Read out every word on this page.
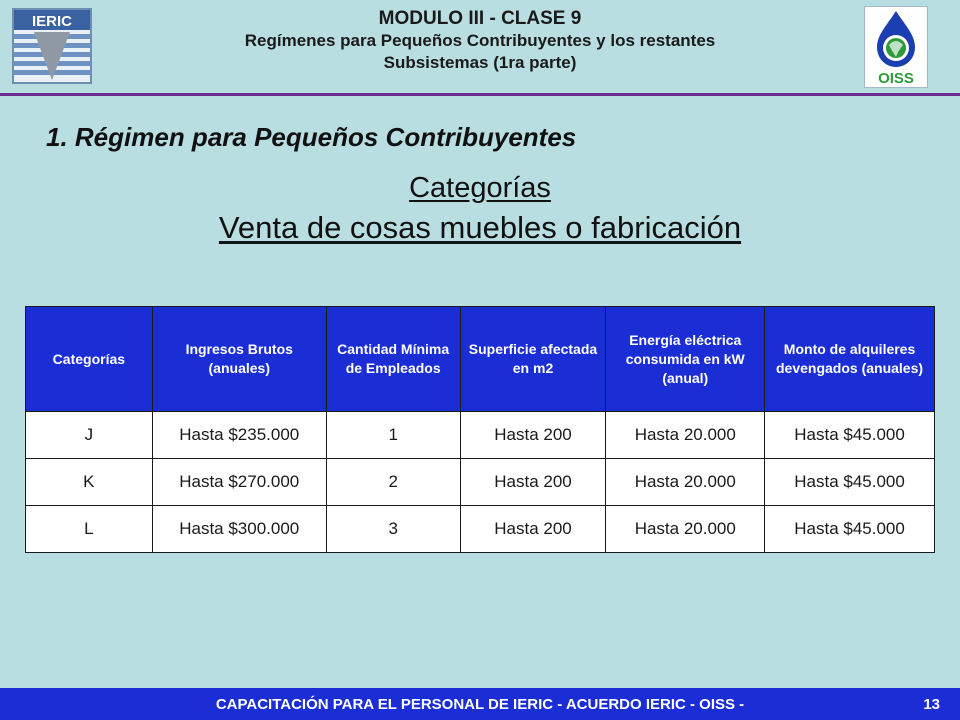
IERIC	MODULO III - CLASE 9
Regímenes para Pequeños Contribuyentes y los restantes
Subsistemas (1ra parte)
OISS
1. Régimen para Pequeños Contribuyentes
Categorías
Venta de cosas muebles o fabricación
Categorías	Ingresos Brutos (anuales)	Cantidad Mínima de Empleados	Superficie afectada en m2	Energía eléctrica consumida en kW (anual)	Monto de alquileres devengados (anuales)
J	Hasta $235.000	1	Hasta 200	Hasta 20.000	Hasta $45.000
K	Hasta $270.000	2	Hasta 200	Hasta 20.000	Hasta $45.000
L	Hasta $300.000	3	Hasta 200	Hasta 20.000	Hasta $45.000
CAPACITACIÓN PARA EL PERSONAL DE IERIC - ACUERDO IERIC - OISS -	13
